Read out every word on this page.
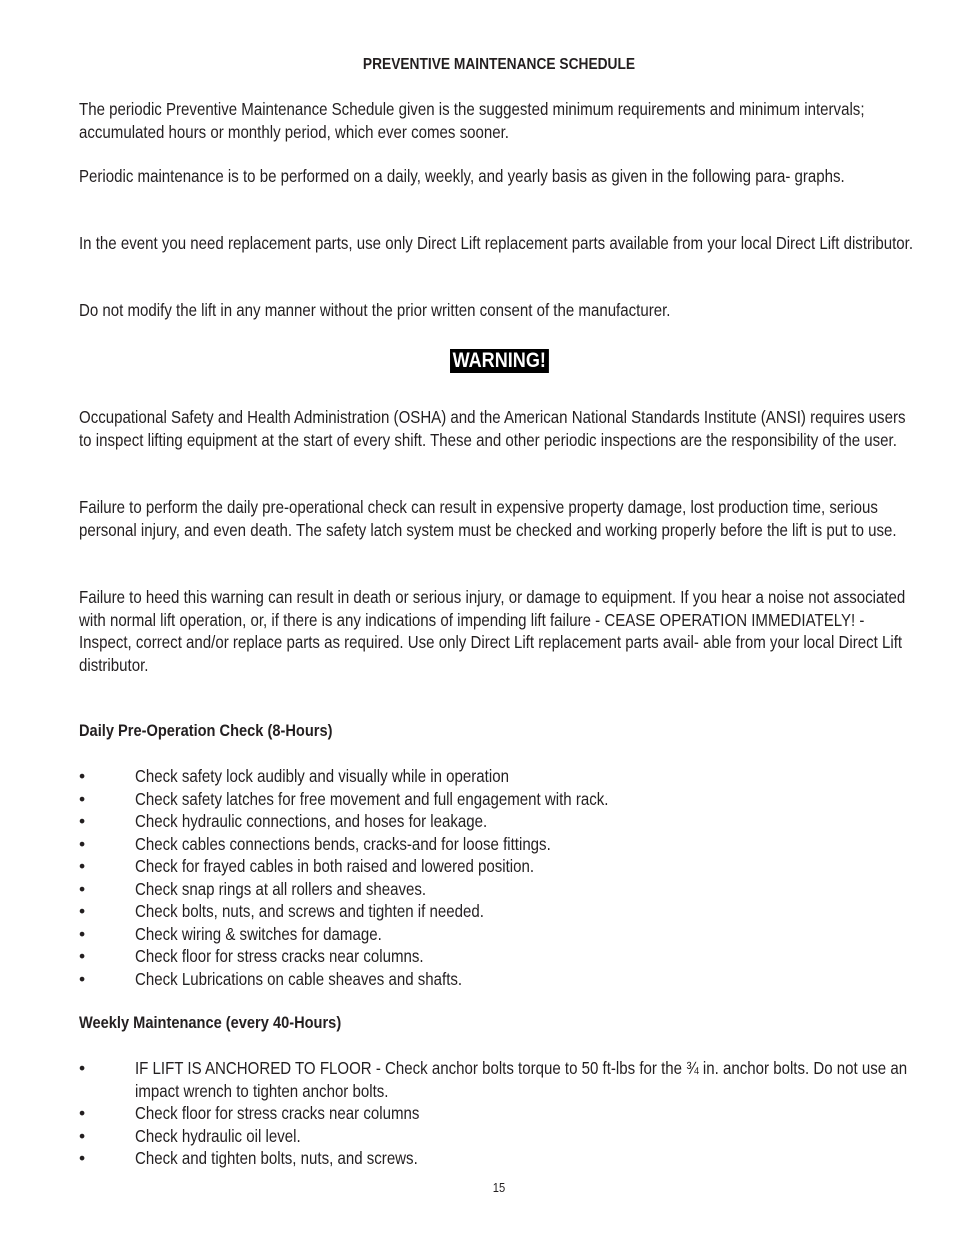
PREVENTIVE MAINTENANCE SCHEDULE

The periodic Preventive Maintenance Schedule given is the suggested minimum requirements and minimum intervals; accumulated hours or monthly period, which ever comes sooner.

Periodic maintenance is to be performed on a daily, weekly, and yearly basis as given in the following para- graphs.

In the event you need replacement parts, use only Direct Lift replacement parts available from your local Direct Lift distributor.

Do not modify the lift in any manner without the prior written consent of the manufacturer.

WARNING!

Occupational Safety and Health Administration (OSHA) and the American National Standards Institute (ANSI) requires users to inspect lifting equipment at the start of every shift. These and other periodic inspections are the responsibility of the user.

Failure to perform the daily pre-operational check can result in expensive property damage, lost production time, serious personal injury, and even death. The safety latch system must be checked and working properly before the lift is put to use.

Failure to heed this warning can result in death or serious injury, or damage to equipment. If you hear a noise not associated with normal lift operation, or, if there is any indications of impending lift failure - CEASE OPERATION IMMEDIATELY! - Inspect, correct and/or replace parts as required. Use only Direct Lift replacement parts avail- able from your local Direct Lift distributor.

Daily Pre-Operation Check (8-Hours)
•	Check safety lock audibly and visually while in operation
•	Check safety latches for free movement and full engagement with rack.
•	Check hydraulic connections, and hoses for leakage.
•	Check cables connections bends, cracks-and for loose fittings.
•	Check for frayed cables in both raised and lowered position.
•	Check snap rings at all rollers and sheaves.
•	Check bolts, nuts, and screws and tighten if needed.
•	Check wiring & switches for damage.
•	Check floor for stress cracks near columns.
•	Check Lubrications on cable sheaves and shafts.
Weekly Maintenance (every 40-Hours)
•	IF LIFT IS ANCHORED TO FLOOR - Check anchor bolts torque to 50 ft-lbs for the ¾ in. anchor bolts. Do not use an impact wrench to tighten anchor bolts.
•	Check floor for stress cracks near columns
•	Check hydraulic oil level.
•	Check and tighten bolts, nuts, and screws.
15
